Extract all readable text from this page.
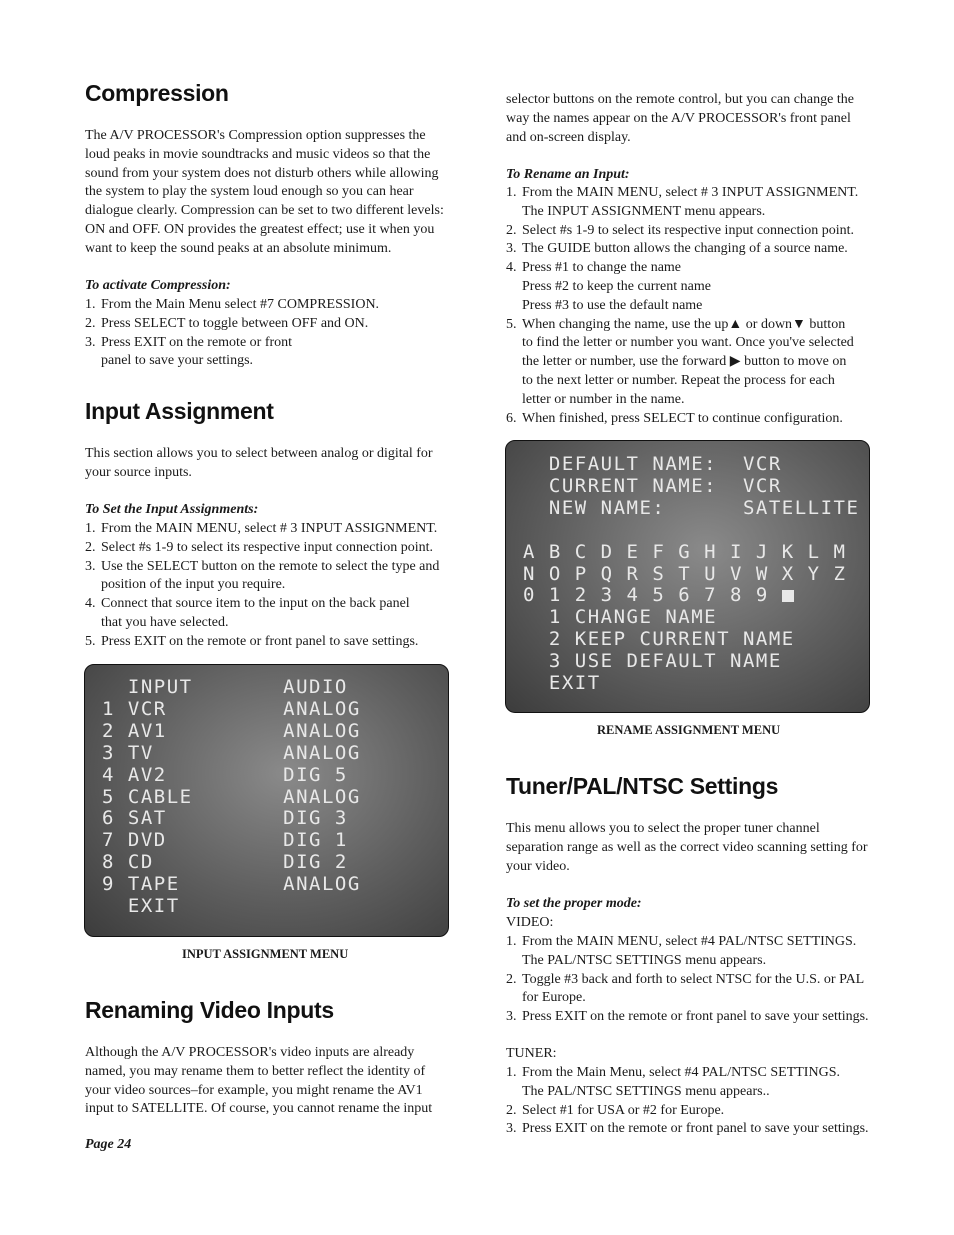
Compression

The A/V PROCESSOR's Compression option suppresses the loud peaks in movie soundtracks and music videos so that the sound from your system does not disturb others while allowing the system to play the system loud enough so you can hear dialogue clearly. Compression can be set to two different levels: ON and OFF. ON provides the greatest effect; use it when you want to keep the sound peaks at an absolute minimum.

To activate Compression:

1. From the Main Menu select #7 COMPRESSION.
2. Press SELECT to toggle between OFF and ON.
3. Press EXIT on the remote or front
panel to save your settings.
Input Assignment

This section allows you to select between analog or digital for your source inputs.

To Set the Input Assignments:

1. From the MAIN MENU, select # 3 INPUT ASSIGNMENT.
2. Select #s 1-9 to select its respective input connection point.
3. Use the SELECT button on the remote to select the type and
position of the input you require.
4. Connect that source item to the input on the back panel
that you have selected.
5. Press EXIT on the remote or front panel to save settings.
INPUT       AUDIO
1 VCR         ANALOG
2 AV1         ANALOG
3 TV          ANALOG
4 AV2         DIG 5
5 CABLE       ANALOG
6 SAT         DIG 3
7 DVD         DIG 1
8 CD          DIG 2
9 TAPE        ANALOG
EXIT
INPUT ASSIGNMENT MENU
Renaming Video Inputs

Although the A/V PROCESSOR's video inputs are already named, you may rename them to better reflect the identity of your video sources–for example, you might rename the AV1 input to SATELLITE. Of course, you cannot rename the input

Page 24

selector buttons on the remote control, but you can change the way the names appear on the A/V PROCESSOR's front panel and on-screen display.

To Rename an Input:

1. From the MAIN MENU, select # 3 INPUT ASSIGNMENT.
The INPUT ASSIGNMENT menu appears.
2. Select #s 1-9 to select its respective input connection point.
3. The GUIDE button allows the changing of a source name.
4. Press #1 to change the name
Press #2 to keep the current name
Press #3 to use the default name
5. When changing the name, use the up▲ or down▼ button
to find the letter or number you want. Once you've selected
the letter or number, use the forward ▶ button to move on
to the next letter or number. Repeat the process for each
letter or number in the name.
6. When finished, press SELECT to continue configuration.
DEFAULT NAME:  VCR
CURRENT NAME:  VCR
NEW NAME:      SATELLITE
A B C D E F G H I J K L M
N O P Q R S T U V W X Y Z
0 1 2 3 4 5 6 7 8 9
1 CHANGE NAME
2 KEEP CURRENT NAME
3 USE DEFAULT NAME
EXIT
RENAME ASSIGNMENT MENU
Tuner/PAL/NTSC Settings

This menu allows you to select the proper tuner channel separation range as well as the correct video scanning setting for your video.

To set the proper mode:

VIDEO:

1. From the MAIN MENU, select #4 PAL/NTSC SETTINGS.
The PAL/NTSC SETTINGS menu appears.
2. Toggle #3 back and forth to select NTSC for the U.S. or PAL
for Europe.
3. Press EXIT on the remote or front panel to save your settings.

TUNER:

1. From the Main Menu, select #4 PAL/NTSC SETTINGS.
The PAL/NTSC SETTINGS menu appears..
2. Select #1 for USA or #2 for Europe.
3. Press EXIT on the remote or front panel to save your settings.
